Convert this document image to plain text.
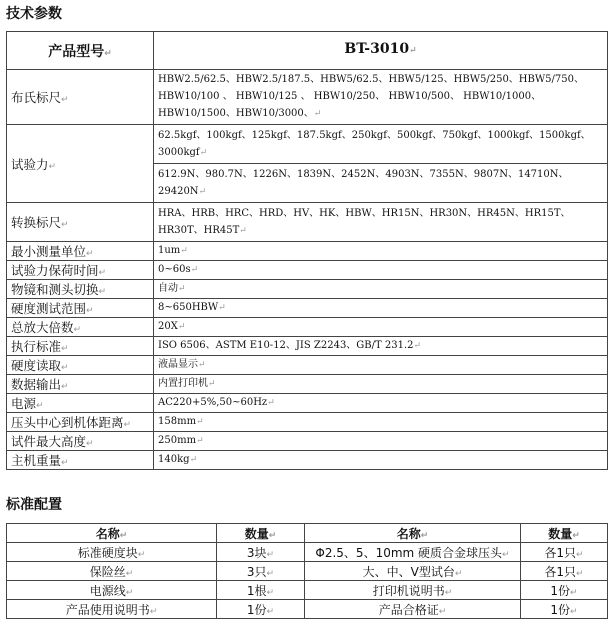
技术参数
产品型号↵	BT-3010↵
布氏标尺↵	HBW2.5/62.5、HBW2.5/187.5、HBW5/62.5、HBW5/125、HBW5/250、HBW5/750、HBW10/100 、 HBW10/125 、 HBW10/250、 HBW10/500、 HBW10/1000、HBW10/1500、HBW10/3000、↵
试验力↵	62.5kgf、100kgf、125kgf、187.5kgf、250kgf、500kgf、750kgf、1000kgf、1500kgf、3000kgf↵
	612.9N、980.7N、1226N、1839N、2452N、4903N、7355N、9807N、14710N、29420N↵
转换标尺↵	HRA、HRB、HRC、HRD、HV、HK、HBW、HR15N、HR30N、HR45N、HR15T、 HR30T、HR45T↵
最小测量单位↵	1um↵
试验力保荷时间↵	0~60s↵
物镜和测头切换↵	自动↵
硬度测试范围↵	8~650HBW↵
总放大倍数↵	20X↵
执行标准↵	ISO 6506、ASTM E10-12、JIS Z2243、GB/T 231.2↵
硬度读取↵	液晶显示↵
数据输出↵	内置打印机↵
电源↵	AC220+5%,50~60Hz↵
压头中心到机体距离↵	158mm↵
试件最大高度↵	250mm↵
主机重量↵	140kg↵
标准配置
名称↵	数量↵	名称↵	数量↵
标准硬度块↵	3块↵	Φ2.5、5、10mm 硬质合金球压头↵	各1只↵
保险丝↵	3只↵	大、中、V型试台↵	各1只↵
电源线↵	1根↵	打印机说明书↵	1份↵
产品使用说明书↵	1份↵	产品合格证↵	1份↵
